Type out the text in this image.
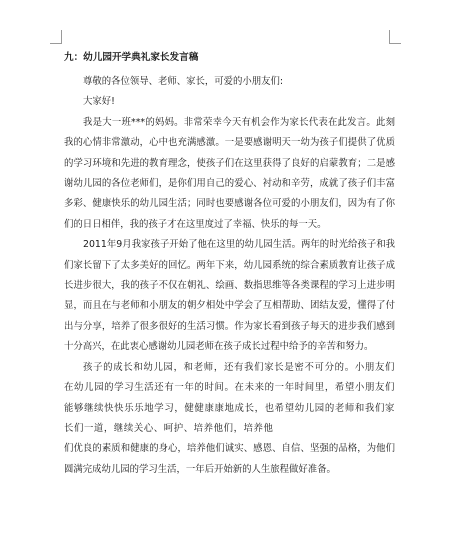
九：幼儿园开学典礼家长发言稿

尊敬的各位领导、老师、家长，可爱的小朋友们:

大家好!

我是大一班***的妈妈。非常荣幸今天有机会作为家长代表在此发言。此刻我的心情非常激动，心中也充满感激。一是要感谢明天一幼为孩子们提供了优质的学习环境和先进的教育理念，使孩子们在这里获得了良好的启蒙教育；二是感谢幼儿园的各位老师们，是你们用自己的爱心、衬动和辛劳，成就了孩子们丰富多彩、健康快乐的幼儿园生活；同时也要感谢各位可爱的小朋友们，因为有了你们的日日相伴，我的孩子才在这里度过了幸福、快乐的每一天。

2011年9月我家孩子开始了他在这里的幼儿园生活。两年的时光给孩子和我们家长留下了太多美好的回忆。两年下来，幼儿园系统的综合素质教育让孩子成长进步很大，我的孩子不仅在朝礼、绘画、数指思维等各类课程的学习上进步明显，而且在与老师和小朋友的朝夕相处中学会了互相帮助、团结友爱，懂得了付出与分享，培养了很多很好的生活习惯。作为家长看到孩子每天的进步我们感到十分高兴，在此衷心感谢幼儿园老师在孩子成长过程中给予的辛苦和努力。

孩子的成长和幼儿园，和老师，还有我们家长是密不可分的。小朋友们在幼儿园的学习生活还有一年的时间。在未来的一年时间里，希望小朋友们能够继续快快乐乐地学习，健健康康地成长，也希望幼儿园的老师和我们家长们一道，继续关心、呵护、培养他们，培养他

们优良的素质和健康的身心，培养他们诚实、感恩、自信、坚强的品格，为他们圆满完成幼儿园的学习生活，一年后开始新的人生旅程做好准备。
